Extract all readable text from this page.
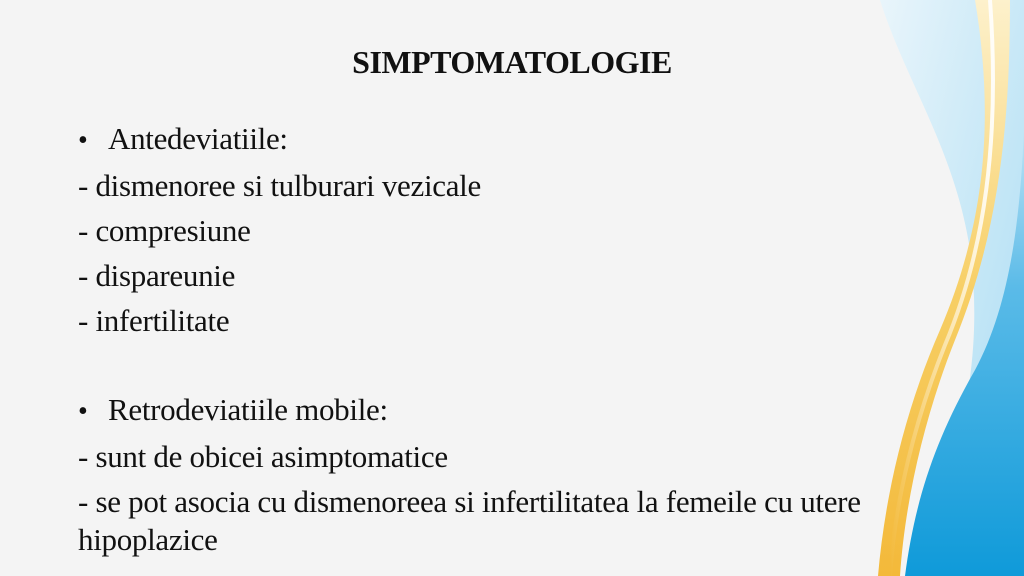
SIMPTOMATOLOGIE
• Antedeviatiile:

- dismenoree si tulburari vezicale

- compresiune

- dispareunie

- infertilitate

• Retrodeviatiile mobile:

- sunt de obicei asimptomatice

- se pot asocia cu dismenoreea si infertilitatea la femeile cu utere hipoplazice
